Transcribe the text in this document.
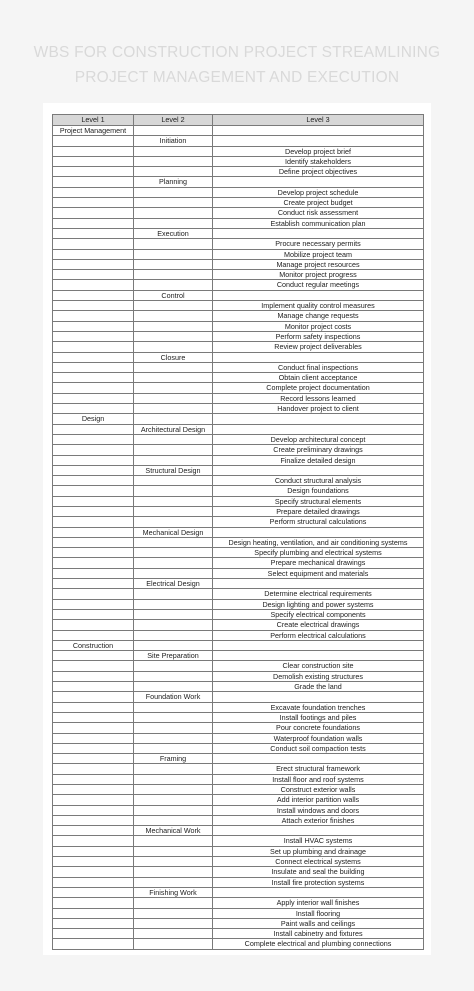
WBS FOR CONSTRUCTION PROJECT STREAMLINING
PROJECT MANAGEMENT AND EXECUTION
Level 1	Level 2	Level 3
Project Management		
	Initiation	
		Develop project brief
		Identify stakeholders
		Define project objectives
	Planning	
		Develop project schedule
		Create project budget
		Conduct risk assessment
		Establish communication plan
	Execution	
		Procure necessary permits
		Mobilize project team
		Manage project resources
		Monitor project progress
		Conduct regular meetings
	Control	
		Implement quality control measures
		Manage change requests
		Monitor project costs
		Perform safety inspections
		Review project deliverables
	Closure	
		Conduct final inspections
		Obtain client acceptance
		Complete project documentation
		Record lessons learned
		Handover project to client
Design		
	Architectural Design	
		Develop architectural concept
		Create preliminary drawings
		Finalize detailed design
	Structural Design	
		Conduct structural analysis
		Design foundations
		Specify structural elements
		Prepare detailed drawings
		Perform structural calculations
	Mechanical Design	
		Design heating, ventilation, and air conditioning systems
		Specify plumbing and electrical systems
		Prepare mechanical drawings
		Select equipment and materials
	Electrical Design	
		Determine electrical requirements
		Design lighting and power systems
		Specify electrical components
		Create electrical drawings
		Perform electrical calculations
Construction		
	Site Preparation	
		Clear construction site
		Demolish existing structures
		Grade the land
	Foundation Work	
		Excavate foundation trenches
		Install footings and piles
		Pour concrete foundations
		Waterproof foundation walls
		Conduct soil compaction tests
	Framing	
		Erect structural framework
		Install floor and roof systems
		Construct exterior walls
		Add interior partition walls
		Install windows and doors
		Attach exterior finishes
	Mechanical Work	
		Install HVAC systems
		Set up plumbing and drainage
		Connect electrical systems
		Insulate and seal the building
		Install fire protection systems
	Finishing Work	
		Apply interior wall finishes
		Install flooring
		Paint walls and ceilings
		Install cabinetry and fixtures
		Complete electrical and plumbing connections
